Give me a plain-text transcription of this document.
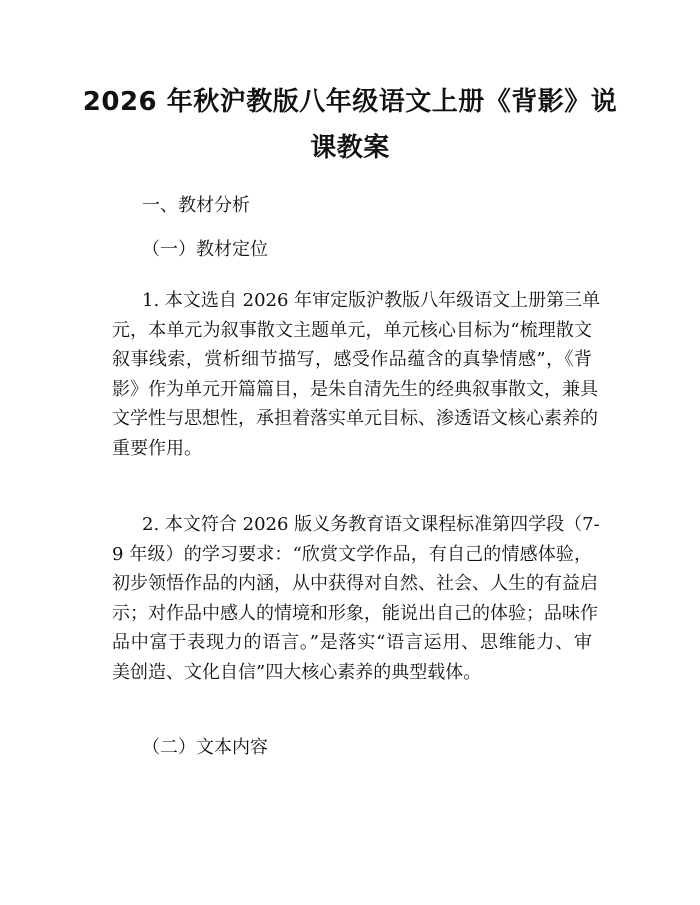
2026 年秋沪教版八年级语文上册《背影》说
课教案
一、教材分析
（一）教材定位
1. 本文选自 2026 年审定版沪教版八年级语文上册第三单
元，本单元为叙事散文主题单元，单元核心目标为“梳理散文
叙事线索，赏析细节描写，感受作品蕴含的真挚情感”，《背
影》作为单元开篇篇目，是朱自清先生的经典叙事散文，兼具
文学性与思想性，承担着落实单元目标、渗透语文核心素养的
重要作用。
2. 本文符合 2026 版义务教育语文课程标准第四学段（7-
9 年级）的学习要求：“欣赏文学作品，有自己的情感体验，
初步领悟作品的内涵，从中获得对自然、社会、人生的有益启
示；对作品中感人的情境和形象，能说出自己的体验；品味作
品中富于表现力的语言。”是落实“语言运用、思维能力、审
美创造、文化自信”四大核心素养的典型载体。
（二）文本内容
